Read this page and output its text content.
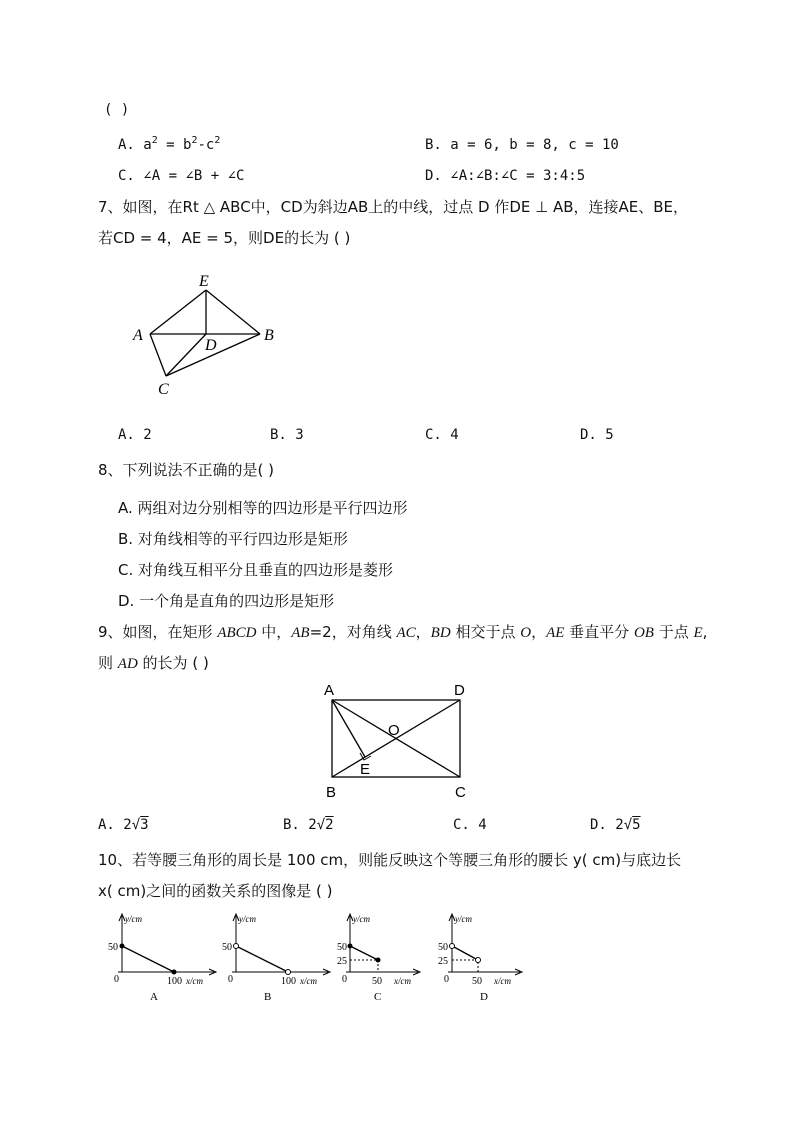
( )
A. $a^2 = b^2-c^2$	B. a = 6, b = 8, c = 10
C. ∠A = ∠B + ∠C	D. ∠A:∠B:∠C = 3:4:5
7、如图，在Rt △ ABC中，CD为斜边AB上的中线，过点 D 作DE ⊥ AB，连接AE、BE，
若CD = 4，AE = 5，则DE的长为 ( )
E
A	B
D
C
A. 2	B. 3	C. 4	D. 5
8、下列说法不正确的是( )
A. 两组对边分别相等的四边形是平行四边形
B. 对角线相等的平行四边形是矩形
C. 对角线互相平分且垂直的四边形是菱形
D. 一个角是直角的四边形是矩形
9、如图，在矩形 ABCD 中，AB=2，对角线 AC，BD 相交于点 O，AE 垂直平分 OB 于点 E,
则 AD 的长为 ( )
A	D
O
E
B	C
A. 2√3	B. 2√2	C. 4	D. 2√5
10、若等腰三角形的周长是 100 cm，则能反映这个等腰三角形的腰长 y( cm)与底边长
x( cm)之间的函数关系的图像是 ( )
y/cm
50
0	100 x/cm
A
y/cm
50
0	100 x/cm
B
y/cm
50
25
0	50 x/cm
C
y/cm
50
25
0 50 x/cm
D
